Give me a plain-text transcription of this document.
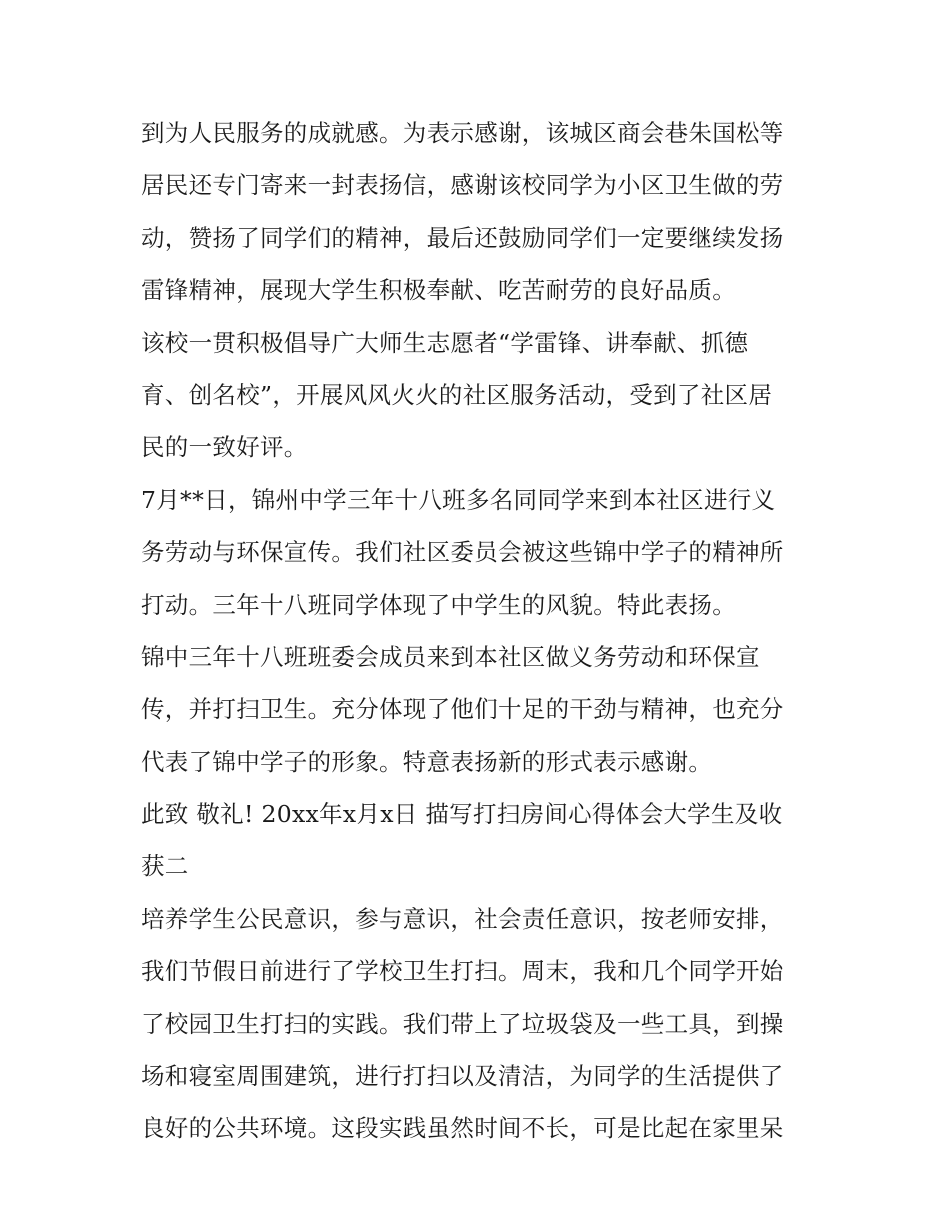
到为人民服务的成就感。为表示感谢，该城区商会巷朱国松等
居民还专门寄来一封表扬信，感谢该校同学为小区卫生做的劳
动，赞扬了同学们的精神，最后还鼓励同学们一定要继续发扬
雷锋精神，展现大学生积极奉献、吃苦耐劳的良好品质。
该校一贯积极倡导广大师生志愿者“学雷锋、讲奉献、抓德
育、创名校”，开展风风火火的社区服务活动，受到了社区居
民的一致好评。
7月**日，锦州中学三年十八班多名同同学来到本社区进行义
务劳动与环保宣传。我们社区委员会被这些锦中学子的精神所
打动。三年十八班同学体现了中学生的风貌。特此表扬。
锦中三年十八班班委会成员来到本社区做义务劳动和环保宣
传，并打扫卫生。充分体现了他们十足的干劲与精神，也充分
代表了锦中学子的形象。特意表扬新的形式表示感谢。
此致 敬礼! 20xx年x月x日 描写打扫房间心得体会大学生及收
获二
培养学生公民意识，参与意识，社会责任意识，按老师安排，
我们节假日前进行了学校卫生打扫。周末，我和几个同学开始
了校园卫生打扫的实践。我们带上了垃圾袋及一些工具，到操
场和寝室周围建筑，进行打扫以及清洁，为同学的生活提供了
良好的公共环境。这段实践虽然时间不长，可是比起在家里呆
